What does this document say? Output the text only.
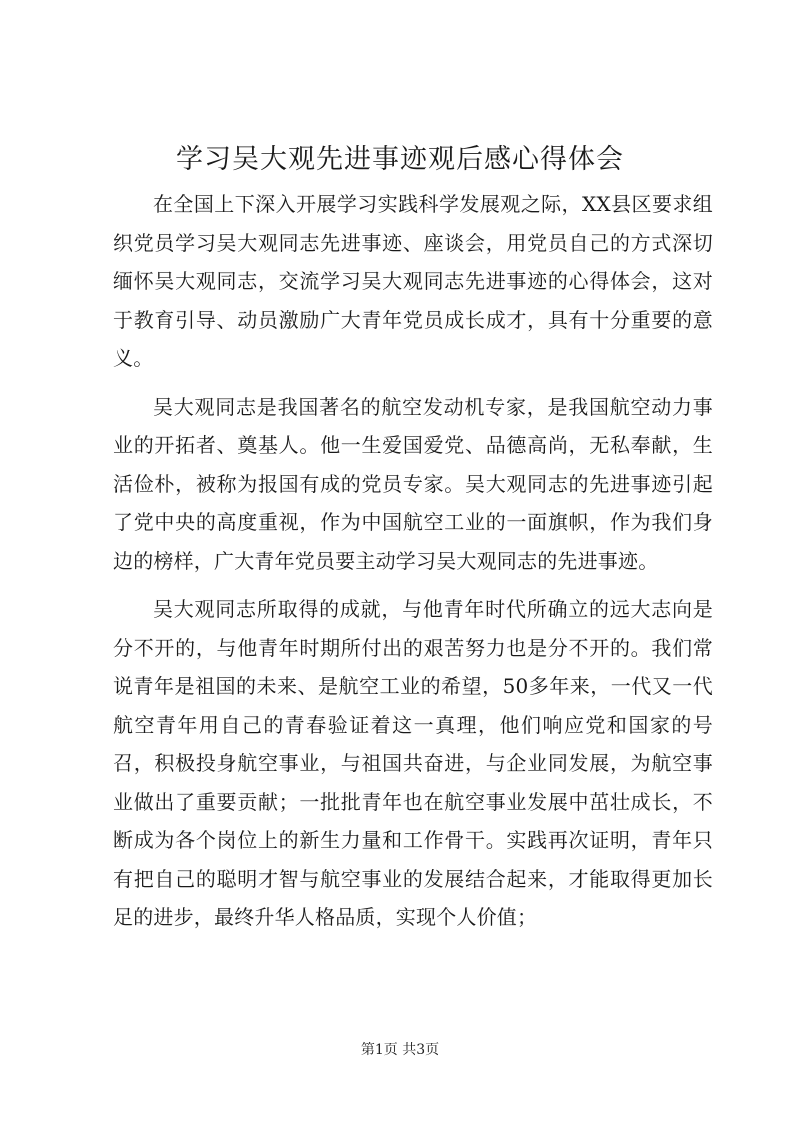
学习吴大观先进事迹观后感心得体会

在全国上下深入开展学习实践科学发展观之际，XX县区要求组织党员学习吴大观同志先进事迹、座谈会，用党员自己的方式深切缅怀吴大观同志，交流学习吴大观同志先进事迹的心得体会，这对于教育引导、动员激励广大青年党员成长成才，具有十分重要的意义。

吴大观同志是我国著名的航空发动机专家，是我国航空动力事业的开拓者、奠基人。他一生爱国爱党、品德高尚，无私奉献，生活俭朴，被称为报国有成的党员专家。吴大观同志的先进事迹引起了党中央的高度重视，作为中国航空工业的一面旗帜，作为我们身边的榜样，广大青年党员要主动学习吴大观同志的先进事迹。

吴大观同志所取得的成就，与他青年时代所确立的远大志向是分不开的，与他青年时期所付出的艰苦努力也是分不开的。我们常说青年是祖国的未来、是航空工业的希望，50多年来，一代又一代航空青年用自己的青春验证着这一真理，他们响应党和国家的号召，积极投身航空事业，与祖国共奋进，与企业同发展，为航空事业做出了重要贡献；一批批青年也在航空事业发展中茁壮成长，不断成为各个岗位上的新生力量和工作骨干。实践再次证明，青年只有把自己的聪明才智与航空事业的发展结合起来，才能取得更加长足的进步，最终升华人格品质，实现个人价值；

第1页 共3页
